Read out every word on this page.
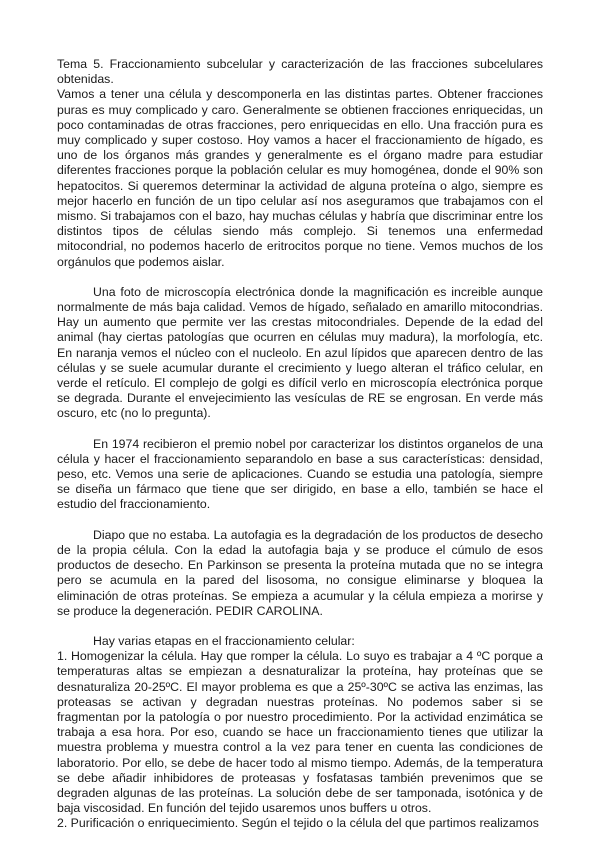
Tema 5. Fraccionamiento subcelular y caracterización de las fracciones subcelulares obtenidas.

Vamos a tener una célula y descomponerla en las distintas partes. Obtener fracciones puras es muy complicado y caro. Generalmente se obtienen fracciones enriquecidas, un poco contaminadas de otras fracciones, pero enriquecidas en ello. Una fracción pura es muy complicado y super costoso. Hoy vamos a hacer el fraccionamiento de hígado, es uno de los órganos más grandes y generalmente es el órgano madre para estudiar diferentes fracciones porque la población celular es muy homogénea, donde el 90% son hepatocitos. Si queremos determinar la actividad de alguna proteína o algo, siempre es mejor hacerlo en función de un tipo celular así nos aseguramos que trabajamos con el mismo. Si trabajamos con el bazo, hay muchas células y habría que discriminar entre los distintos tipos de células siendo más complejo. Si tenemos una enfermedad mitocondrial, no podemos hacerlo de eritrocitos porque no tiene. Vemos muchos de los orgánulos que podemos aislar.

Una foto de microscopía electrónica donde la magnificación es increible aunque normalmente de más baja calidad. Vemos de hígado, señalado en amarillo mitocondrias. Hay un aumento que permite ver las crestas mitocondriales. Depende de la edad del animal (hay ciertas patologías que ocurren en células muy madura), la morfología, etc. En naranja vemos el núcleo con el nucleolo. En azul lípidos que aparecen dentro de las células y se suele acumular durante el crecimiento y luego alteran el tráfico celular, en verde el retículo. El complejo de golgi es difícil verlo en microscopía electrónica porque se degrada. Durante el envejecimiento las vesículas de RE se engrosan. En verde más oscuro, etc (no lo pregunta).

En 1974 recibieron el premio nobel por caracterizar los distintos organelos de una célula y hacer el fraccionamiento separandolo en base a sus características: densidad, peso, etc. Vemos una serie de aplicaciones. Cuando se estudia una patología, siempre se diseña un fármaco que tiene que ser dirigido, en base a ello, también se hace el estudio del fraccionamiento.

Diapo que no estaba. La autofagia es la degradación de los productos de desecho de la propia célula. Con la edad la autofagia baja y se produce el cúmulo de esos productos de desecho. En Parkinson se presenta la proteína mutada que no se integra pero se acumula en la pared del lisosoma, no consigue eliminarse y bloquea la eliminación de otras proteínas. Se empieza a acumular y la célula empieza a morirse y se produce la degeneración. PEDIR CAROLINA.

Hay varias etapas en el fraccionamiento celular:

1. Homogenizar la célula. Hay que romper la célula. Lo suyo es trabajar a 4 ºC porque a temperaturas altas se empiezan a desnaturalizar la proteína, hay proteínas que se desnaturaliza 20-25ºC. El mayor problema es que a 25º-30ºC se activa las enzimas, las proteasas se activan y degradan nuestras proteínas. No podemos saber si se fragmentan por la patología o por nuestro procedimiento. Por la actividad enzimática se trabaja a esa hora. Por eso, cuando se hace un fraccionamiento tienes que utilizar la muestra problema y muestra control a la vez para tener en cuenta las condiciones de laboratorio. Por ello, se debe de hacer todo al mismo tiempo. Además, de la temperatura se debe añadir inhibidores de proteasas y fosfatasas también prevenimos que se degraden algunas de las proteínas. La solución debe de ser tamponada, isotónica y de baja viscosidad. En función del tejido usaremos unos buffers u otros.

2. Purificación o enriquecimiento. Según el tejido o la célula del que partimos realizamos
